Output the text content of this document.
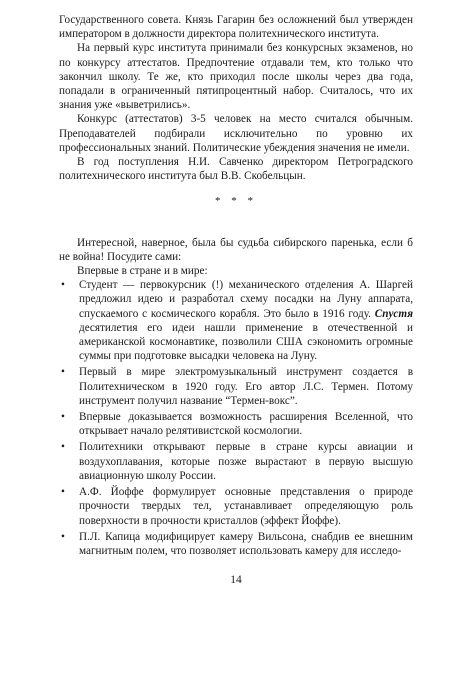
Государственного совета. Князь Гагарин без осложнений был утвержден императором в должности директора политехнического института.

На первый курс института принимали без конкурсных экзаменов, но по конкурсу аттестатов. Предпочтение отдавали тем, кто только что закончил школу. Те же, кто приходил после школы через два года, попадали в ограниченный пятипроцентный набор. Считалось, что их знания уже «выветрились».

Конкурс (аттестатов) 3-5 человек на место считался обычным. Преподавателей подбирали исключительно по уровню их профессиональных знаний. Политические убеждения значения не имели.

В год поступления Н.И. Савченко директором Петроградского политехнического института был В.В. Скобельцын.

* * *

Интересной, наверное, была бы судьба сибирского паренька, если б не война! Посудите сами:

Впервые в стране и в мире:

• Студент — первокурсник (!) механического отделения А. Шаргей предложил идею и разработал схему посадки на Луну аппарата, спускаемого с космического корабля. Это было в 1916 году. Спустя десятилетия его идеи нашли применение в отечественной и американской космонавтике, позволили США сэкономить огромные суммы при подготовке высадки человека на Луну.
• Первый в мире электромузыкальный инструмент создается в Политехническом в 1920 году. Его автор Л.С. Термен. Потому инструмент получил название “Термен-вокс”.
• Впервые доказывается возможность расширения Вселенной, что открывает начало релятивистской космологии.
• Политехники открывают первые в стране курсы авиации и воздухоплавания, которые позже вырастают в первую высшую авиационную школу России.
• А.Ф. Йоффе формулирует основные представления о природе прочности твердых тел, устанавливает определяющую роль поверхности в прочности кристаллов (эффект Йоффе).
• П.Л. Капица модифицирует камеру Вильсона, снабдив ее внешним магнитным полем, что позволяет использовать камеру для исследо-
14
